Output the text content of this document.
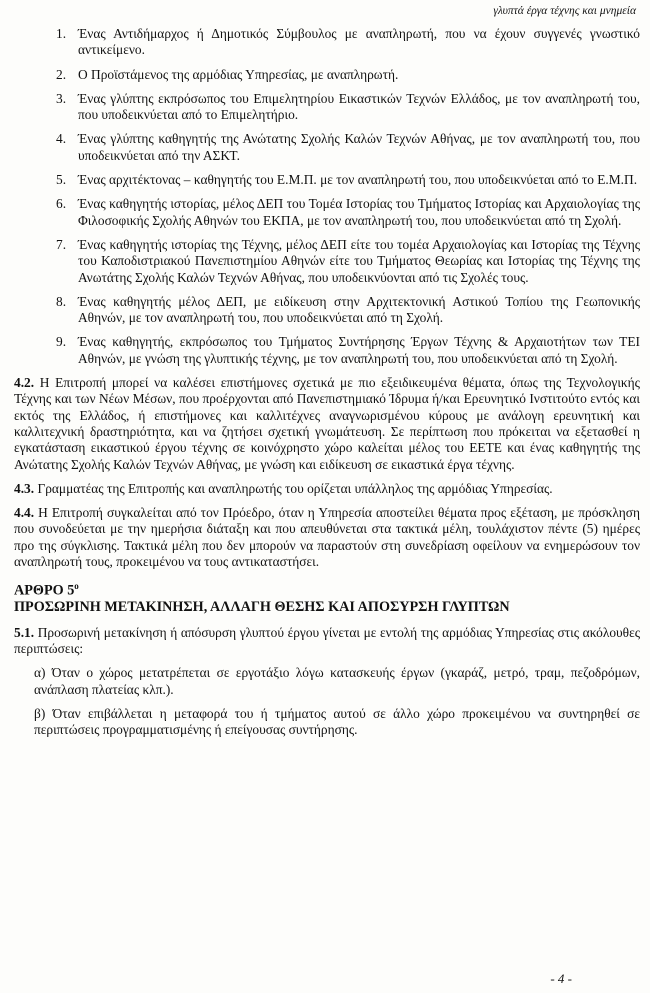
γλυπτά έργα τέχνης και μνημεία
1. Ένας Αντιδήμαρχος ή Δημοτικός Σύμβουλος με αναπληρωτή, που να έχουν συγγενές γνωστικό αντικείμενο.
2. Ο Προϊστάμενος της αρμόδιας Υπηρεσίας, με αναπληρωτή.
3. Ένας γλύπτης εκπρόσωπος του Επιμελητηρίου Εικαστικών Τεχνών Ελλάδος, με τον αναπληρωτή του, που υποδεικνύεται από το Επιμελητήριο.
4. Ένας γλύπτης καθηγητής της Ανώτατης Σχολής Καλών Τεχνών Αθήνας, με τον αναπληρωτή του, που υποδεικνύεται από την ΑΣΚΤ.
5. Ένας αρχιτέκτονας – καθηγητής του Ε.Μ.Π. με τον αναπληρωτή του, που υποδεικνύεται από το Ε.Μ.Π.
6. Ένας καθηγητής ιστορίας, μέλος ΔΕΠ του Τομέα Ιστορίας του Τμήματος Ιστορίας και Αρχαιολογίας της Φιλοσοφικής Σχολής Αθηνών του ΕΚΠΑ, με τον αναπληρωτή του, που υποδεικνύεται από τη Σχολή.
7. Ένας καθηγητής ιστορίας της Τέχνης, μέλος ΔΕΠ είτε του τομέα Αρχαιολογίας και Ιστορίας της Τέχνης του Καποδιστριακού Πανεπιστημίου Αθηνών είτε του Τμήματος Θεωρίας και Ιστορίας της Τέχνης της Ανωτάτης Σχολής Καλών Τεχνών Αθήνας, που υποδεικνύονται από τις Σχολές τους.
8. Ένας καθηγητής μέλος ΔΕΠ, με ειδίκευση στην Αρχιτεκτονική Αστικού Τοπίου της Γεωπονικής Αθηνών, με τον αναπληρωτή του, που υποδεικνύεται από τη Σχολή.
9. Ένας καθηγητής, εκπρόσωπος του Τμήματος Συντήρησης Έργων Τέχνης & Αρχαιοτήτων των ΤΕΙ Αθηνών, με γνώση της γλυπτικής τέχνης, με τον αναπληρωτή του, που υποδεικνύεται από τη Σχολή.

4.2. Η Επιτροπή μπορεί να καλέσει επιστήμονες σχετικά με πιο εξειδικευμένα θέματα, όπως της Τεχνολογικής Τέχνης και των Νέων Μέσων, που προέρχονται από Πανεπιστημιακό Ίδρυμα ή/και Ερευνητικό Ινστιτούτο εντός και εκτός της Ελλάδος, ή επιστήμονες και καλλιτέχνες αναγνωρισμένου κύρους με ανάλογη ερευνητική και καλλιτεχνική δραστηριότητα, και να ζητήσει σχετική γνωμάτευση. Σε περίπτωση που πρόκειται να εξετασθεί η εγκατάσταση εικαστικού έργου τέχνης σε κοινόχρηστο χώρο καλείται μέλος του ΕΕΤΕ και ένας καθηγητής της Ανώτατης Σχολής Καλών Τεχνών Αθήνας, με γνώση και ειδίκευση σε εικαστικά έργα τέχνης.

4.3. Γραμματέας της Επιτροπής και αναπληρωτής του ορίζεται υπάλληλος της αρμόδιας Υπηρεσίας.

4.4. Η Επιτροπή συγκαλείται από τον Πρόεδρο, όταν η Υπηρεσία αποστείλει θέματα προς εξέταση, με πρόσκληση που συνοδεύεται με την ημερήσια διάταξη και που απευθύνεται στα τακτικά μέλη, τουλάχιστον πέντε (5) ημέρες προ της σύγκλισης. Τακτικά μέλη που δεν μπορούν να παραστούν στη συνεδρίαση οφείλουν να ενημερώσουν τον αναπληρωτή τους, προκειμένου να τους αντικαταστήσει.

ΑΡΘΡΟ $5^o$

ΠΡΟΣΩΡΙΝΗ ΜΕΤΑΚΙΝΗΣΗ, ΑΛΛΑΓΗ ΘΕΣΗΣ ΚΑΙ ΑΠΟΣΥΡΣΗ ΓΛΥΠΤΩΝ

5.1. Προσωρινή μετακίνηση ή απόσυρση γλυπτού έργου γίνεται με εντολή της αρμόδιας Υπηρεσίας στις ακόλουθες περιπτώσεις:

α) Όταν ο χώρος μετατρέπεται σε εργοτάξιο λόγω κατασκευής έργων (γκαράζ, μετρό, τραμ, πεζοδρόμων, ανάπλαση πλατείας κλπ.).

β) Όταν επιβάλλεται η μεταφορά του ή τμήματος αυτού σε άλλο χώρο προκειμένου να συντηρηθεί σε περιπτώσεις προγραμματισμένης ή επείγουσας συντήρησης.

- 4 -
